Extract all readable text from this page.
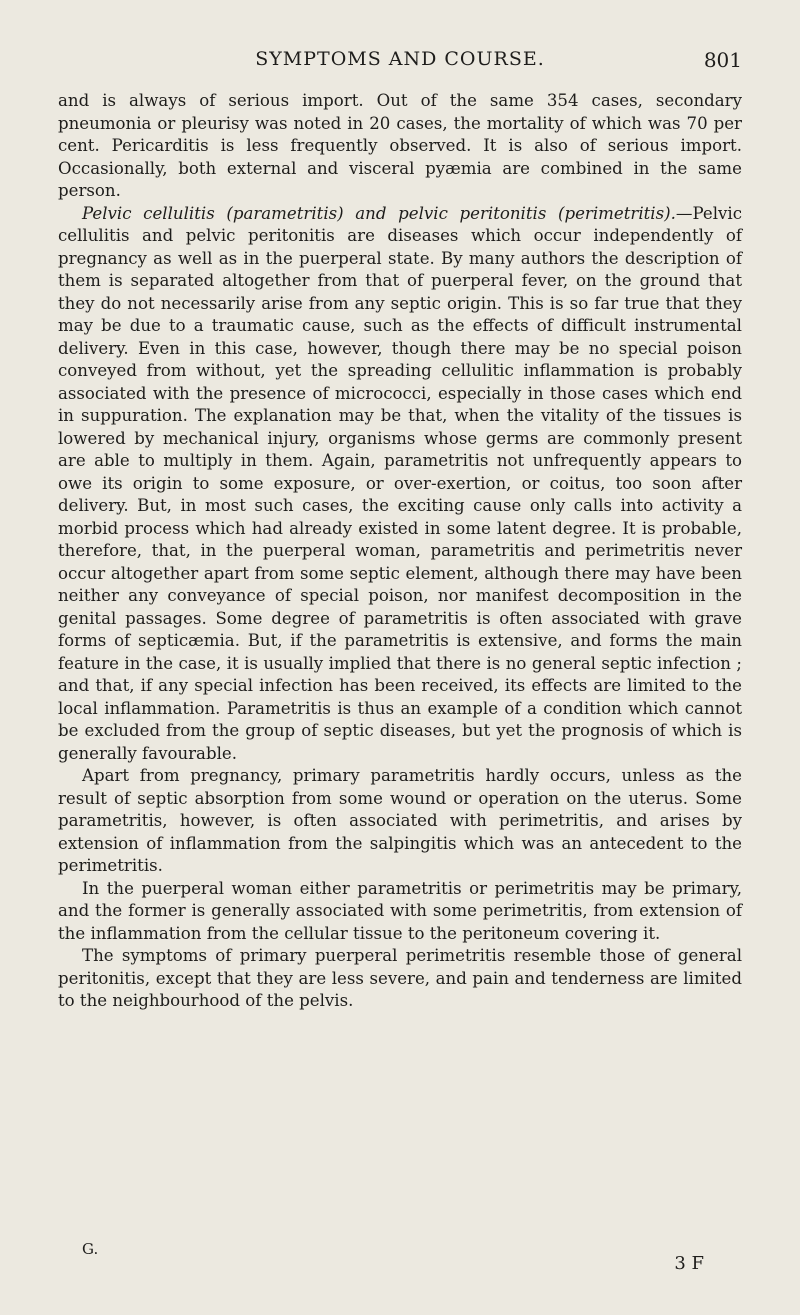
SYMPTOMS AND COURSE.	801

and is always of serious import. Out of the same 354 cases, secondary pneumonia or pleurisy was noted in 20 cases, the mortality of which was 70 per cent. Pericarditis is less frequently observed. It is also of serious import. Occasionally, both external and visceral pyæmia are combined in the same person.

Pelvic cellulitis (parametritis) and pelvic peritonitis (perimetritis).—Pelvic cellulitis and pelvic peritonitis are diseases which occur independently of pregnancy as well as in the puerperal state. By many authors the description of them is separated altogether from that of puerperal fever, on the ground that they do not necessarily arise from any septic origin. This is so far true that they may be due to a traumatic cause, such as the effects of difficult instrumental delivery. Even in this case, however, though there may be no special poison conveyed from without, yet the spreading cellulitic inflammation is probably associated with the presence of micrococci, especially in those cases which end in suppuration. The explanation may be that, when the vitality of the tissues is lowered by mechanical injury, organisms whose germs are commonly present are able to multiply in them. Again, parametritis not unfrequently appears to owe its origin to some exposure, or over-exertion, or coitus, too soon after delivery. But, in most such cases, the exciting cause only calls into activity a morbid process which had already existed in some latent degree. It is probable, therefore, that, in the puerperal woman, parametritis and perimetritis never occur altogether apart from some septic element, although there may have been neither any conveyance of special poison, nor manifest decomposition in the genital passages. Some degree of parametritis is often associated with grave forms of septicæmia. But, if the parametritis is extensive, and forms the main feature in the case, it is usually implied that there is no general septic infection ; and that, if any special infection has been received, its effects are limited to the local inflammation. Parametritis is thus an example of a condition which cannot be excluded from the group of septic diseases, but yet the prognosis of which is generally favourable.

Apart from pregnancy, primary parametritis hardly occurs, unless as the result of septic absorption from some wound or operation on the uterus. Some parametritis, however, is often associated with perimetritis, and arises by extension of inflammation from the salpingitis which was an antecedent to the perimetritis.

In the puerperal woman either parametritis or perimetritis may be primary, and the former is generally associated with some perimetritis, from extension of the inflammation from the cellular tissue to the peritoneum covering it.

The symptoms of primary puerperal perimetritis resemble those of general peritonitis, except that they are less severe, and pain and tenderness are limited to the neighbourhood of the pelvis.

G.
3 F
